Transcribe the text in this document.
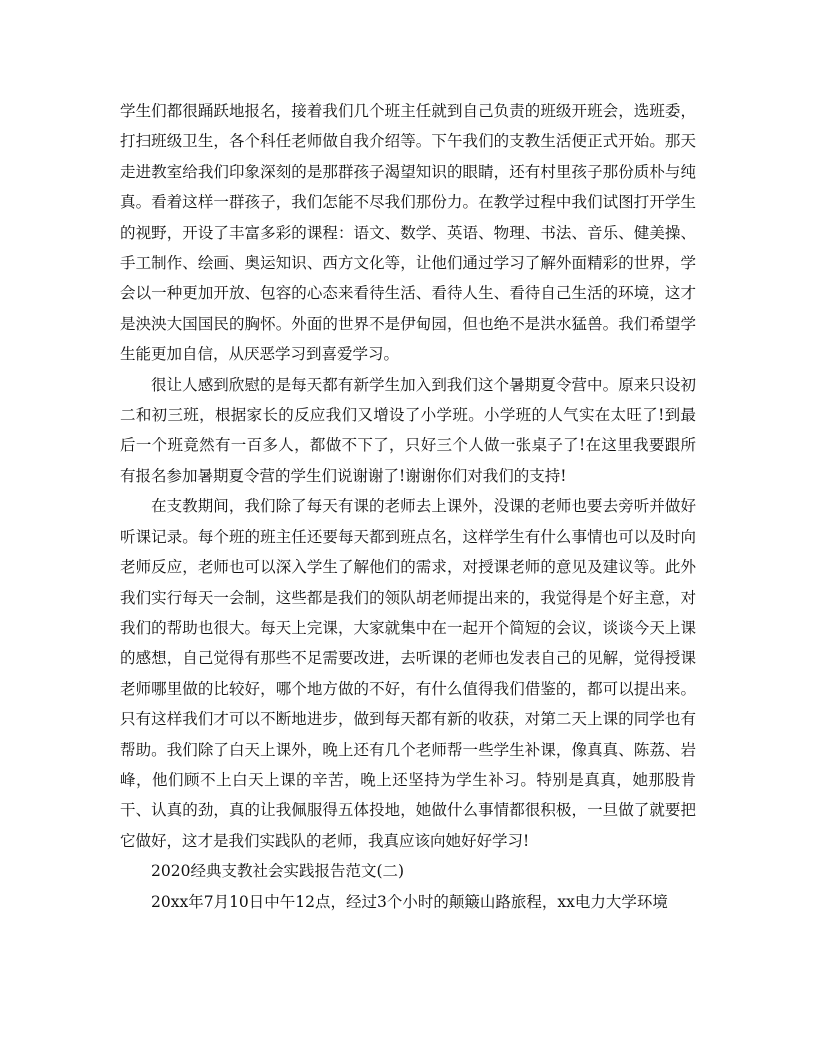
学生们都很踊跃地报名，接着我们几个班主任就到自己负责的班级开班会，选班委，打扫班级卫生，各个科任老师做自我介绍等。下午我们的支教生活便正式开始。那天走进教室给我们印象深刻的是那群孩子渴望知识的眼睛，还有村里孩子那份质朴与纯真。看着这样一群孩子，我们怎能不尽我们那份力。在教学过程中我们试图打开学生的视野，开设了丰富多彩的课程：语文、数学、英语、物理、书法、音乐、健美操、手工制作、绘画、奥运知识、西方文化等，让他们通过学习了解外面精彩的世界，学会以一种更加开放、包容的心态来看待生活、看待人生、看待自己生活的环境，这才是泱泱大国国民的胸怀。外面的世界不是伊甸园，但也绝不是洪水猛兽。我们希望学生能更加自信，从厌恶学习到喜爱学习。

很让人感到欣慰的是每天都有新学生加入到我们这个暑期夏令营中。原来只设初二和初三班，根据家长的反应我们又增设了小学班。小学班的人气实在太旺了!到最后一个班竟然有一百多人，都做不下了，只好三个人做一张桌子了!在这里我要跟所有报名参加暑期夏令营的学生们说谢谢了!谢谢你们对我们的支持!

在支教期间，我们除了每天有课的老师去上课外，没课的老师也要去旁听并做好听课记录。每个班的班主任还要每天都到班点名，这样学生有什么事情也可以及时向老师反应，老师也可以深入学生了解他们的需求，对授课老师的意见及建议等。此外我们实行每天一会制，这些都是我们的领队胡老师提出来的，我觉得是个好主意，对我们的帮助也很大。每天上完课，大家就集中在一起开个简短的会议，谈谈今天上课的感想，自己觉得有那些不足需要改进，去听课的老师也发表自己的见解，觉得授课老师哪里做的比较好，哪个地方做的不好，有什么值得我们借鉴的，都可以提出来。只有这样我们才可以不断地进步，做到每天都有新的收获，对第二天上课的同学也有帮助。我们除了白天上课外，晚上还有几个老师帮一些学生补课，像真真、陈荔、岩峰，他们顾不上白天上课的辛苦，晚上还坚持为学生补习。特别是真真，她那股肯干、认真的劲，真的让我佩服得五体投地，她做什么事情都很积极，一旦做了就要把它做好，这才是我们实践队的老师，我真应该向她好好学习!

2020经典支教社会实践报告范文(二)

20xx年7月10日中午12点，经过3个小时的颠簸山路旅程，xx电力大学环境
